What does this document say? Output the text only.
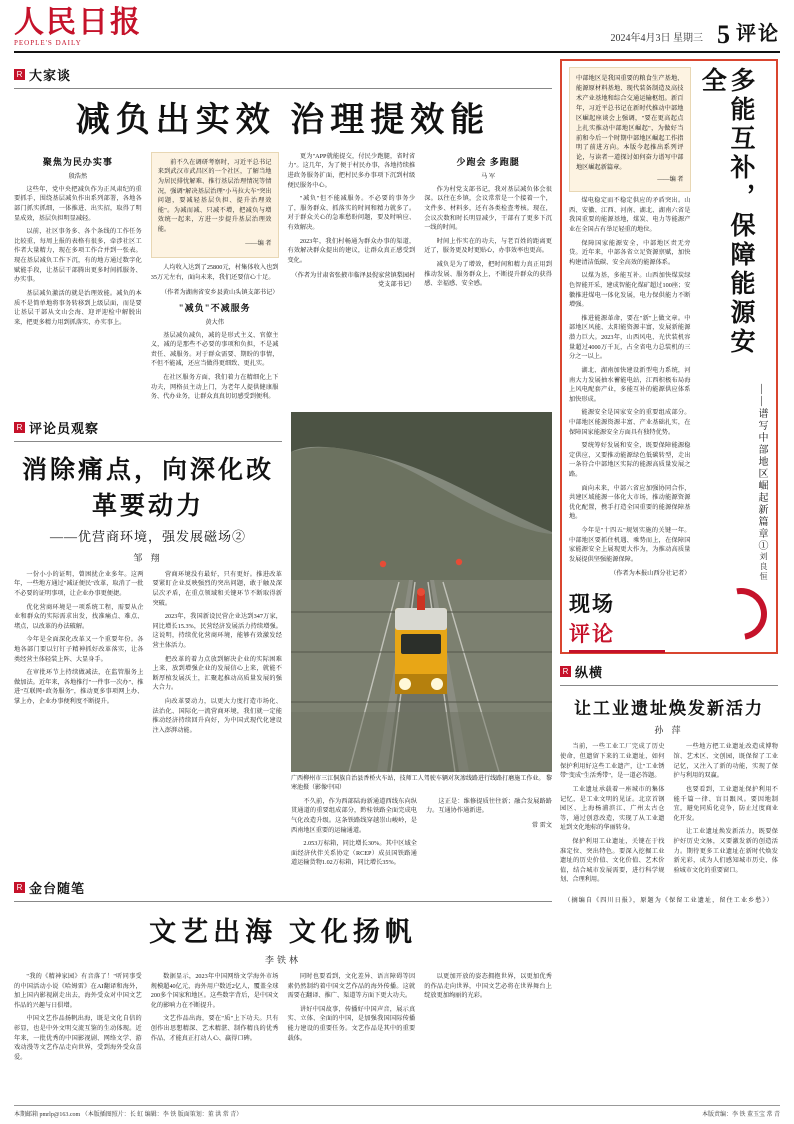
人民日报
PEOPLE'S DAILY	2024年4月3日 星期三 5 评论
R 大家谈
减负出实效 治理提效能
聚焦为民办实事
殷浩然

这些年，党中央把减负作为正风肃纪的重要抓手，围绕基层减负作出系列部署，各地各部门抓实抓细，一体推进、出实招，取得了明显成效，基层负担明显减轻。

以前，社区事务多、各个条线的工作任务比较重，每周上报的表格有很多，牵涉社区工作者大量精力，现在多项工作合并到一张表。现在基层减负工作下沉，有的地方通过数字化赋能手段，让基层干部腾出更多时间抓服务、办实事。

基层减负激活的就是治理效能。减负的本质不是简单地将事务转移到上级层面，而是要让基层干部从文山会海、迎评迎检中解脱出来，把更多精力用到抓落实、办实事上。

前不久在调研考察时，习近平总书记来到武汉市武昌区的一个社区，了解当地为居民排忧解难、推行基层治理情况等情况，强调"解决基层治理"小马拉大车"突出问题，要减轻基层负担、提升治理效能"。为减而减、只减不增，把减负与增效统一起来，方进一步提升基层治理效能。

——编 者

人均收入达到了25800元，村集体收入也到35万元左右，面向未来，我们还要信心十足。

（作者为湖南省安乡县黄山头镇支部书记）
"减负"不减服务
黄大伟

基层减负减负，减的是形式主义、官僚主义，减的是那些不必要的事项和负担，不是减责任、减服务。对于群众需要、期盼的事情，不但不能减，还应当做得更细致、更扎实。

在社区服务方面，我们着力在精细化上下功夫，网格员主动上门，为老年人提供健康服务、代办业务，让群众真真切切感受到便利。

更为"APP就能提交，付民少跑腿，省时省力"。这几年，为了便于村民办事，各地持续推进政务服务扩面，把村民多办事项下沉到村级便民服务中心。

"减负"但不能减服务。不必要的事务少了，服务群众、抓落实的时间和精力就多了。对于群众关心的急难愁盼问题，要及时响应、有效解决。

2023年，我们村畅通为群众办事的渠道，有效解决群众提出的建议，让群众真正感受到变化。

（作者为甘肃省张掖市临泽县倪家营镇梨园村党支部书记）
少跑会 多跑腿
马 军

作为村党支部书记，我对基层减负体会很深。以往在乡镇，会议常常是一个接着一个，文件多、材料多，还有各类检查考核。现在，会议次数和时长明显减少，干部有了更多下沉一线的时间。

时间上作实在的功夫，与老百姓的距离更近了，服务更及时更贴心，办事效率也更高。

减负是为了增效，把时间和精力真正用到推动发展、服务群众上，不断提升群众的获得感、幸福感、安全感。

R 评论员观察
消除痛点，向深化改革要动力
——优营商环境，强发展磁场②
邹 翔

一份小小的证明，曾困扰企业多年。这两年，一些地方通过"减证便民"改革，取消了一批不必要的证明事项，让企业办事更便捷。

优化营商环境是一项系统工程，需要从企业和群众的实际需求出发，找准痛点、难点、堵点，以改革的办法破解。

今年是全面深化改革又一个重要年份。各地各部门要以钉钉子精神抓好改革落实，让各类经营主体轻装上阵、大显身手。

在审批环节上持续做减法，在监管服务上做加法。近年来，各地推行"一件事一次办"、推进"互联网+政务服务"，推动更多事项网上办、掌上办，企业办事便利度不断提升。

营商环境没有最好，只有更好。推进改革要紧盯企业反映强烈的突出问题，敢于触及深层次矛盾，在重点领域和关键环节不断取得新突破。

2023年，我国新设民营企业达到347万家，同比增长15.3%，民营经济发展活力持续增强。这说明，持续优化营商环境，能够有效激发经营主体活力。

把改革的着力点放到解决企业的实际困难上来，放到增强企业的发展信心上来，就能不断厚植发展沃土，汇聚起推动高质量发展的强大合力。

向改革要动力，以更大力度打造市场化、法治化、国际化一流营商环境，我们就一定能推动经济持续回升向好，为中国式现代化建设注入澎湃动能。

广西柳州市三江侗族自治县香桥火车站，技师工人驾驶车辆对灰渗线路进行线路打磨施工作业。 黎寒池摄（影像中国）

不久前，作为西部陆海新通道西线东向纵贯通道的重要组成部分，黔桂铁路全面完成电气化改造升级。这条铁路线穿越崇山峻岭，是西南地区重要的运输通道。

2.053万标箱，同比增长30%。其中区域全面经济伙伴关系协定（RCEP）成员国铁路通道运输货物1.02万标箱，同比增长35%。

这正是：维修提质往往新；融合发展路路力。互通协作通新进。

常 雷文
R 金台随笔
文艺出海 文化扬帆
李铁林

"我的《精神家园》有音落了！"听同事受的中国活动小说《哈姆雷》在AI翻译和海外，加上国内影视剧走出去，海外受众对中国文艺作品的兴趣与日俱增。

中国文艺作品扬帆出海，既是文化自信的彰显，也是中外文明交流互鉴的生动体现。近年来，一批优秀的中国影视剧、网络文学、游戏动漫等文艺作品走向世界，受到海外受众喜爱。

数据显示，2023年中国网络文学海外市场规模超40亿元，海外用户数近2亿人，覆盖全球200多个国家和地区。这些数字背后，是中国文化的影响力在不断提升。

文艺作品出海，要在"质"上下功夫。只有创作出思想精深、艺术精湛、制作精良的优秀作品，才能真正打动人心、赢得口碑。

同时也要看到，文化差异、语言障碍等因素仍然制约着中国文艺作品的海外传播。这就需要在翻译、推广、渠道等方面下更大功夫。

讲好中国故事，传播好中国声音，展示真实、立体、全面的中国，是加强我国国际传播能力建设的重要任务。文艺作品是其中的重要载体。

以更加开放的姿态拥抱世界，以更加优秀的作品走向世界，中国文艺必将在世界舞台上绽放更加绚丽的光彩。

多能互补，保障能源安全
——谱写中部地区崛起新篇章①
刘良恒
中部地区是我国重要的粮食生产基地、能源原材料基地、现代装备制造及高技术产业基地和综合交通运输枢纽。新百年，习近平总书记在新时代推动中部地区崛起座谈会上强调，"要在更高起点上扎实推动中部地区崛起"，为做好当前和今后一个时期中部地区崛起工作指明了前进方向。本版今起推出系列评论，与读者一道探讨如何奋力谱写中部地区崛起新篇章。
——编 者

煤电稳定而不稳定供应的矛盾突出。山西、安徽、江西、河南、湖北、湖南六省是我国重要的能源基地，煤炭、电力等能源产业在全国占有举足轻重的地位。

保障国家能源安全，中部地区责无旁贷。近年来，中部各省立足资源禀赋，加快构建清洁低碳、安全高效的能源体系。

以煤为基，多能互补。山西加快煤炭绿色智能开采，建成智能化煤矿超过100座；安徽推进煤电一体化发展，电力保供能力不断增强。

推进能源革命，要在"新"上做文章。中部地区风能、太阳能资源丰富，发展新能源潜力巨大。2023年，山西风电、光伏装机容量超过4000万千瓦，占全省电力总装机的三分之一以上。

湖北、湖南加快建设新型电力系统，河南大力发展抽水蓄能电站，江西积极布局海上风电配套产业，多能互补的能源供应体系加快形成。

能源安全是国家安全的重要组成部分。中部地区能源资源丰富、产业基础扎实，在保障国家能源安全方面具有独特优势。

要统筹好发展和安全，既要保障能源稳定供应，又要推动能源绿色低碳转型，走出一条符合中部地区实际的能源高质量发展之路。

面向未来，中部六省应加强协同合作，共建区域能源一体化大市场，推动能源资源优化配置，携手打造全国重要的能源保障基地。

今年是"十四五"规划实施的关键一年。中部地区要抓住机遇、乘势而上，在保障国家能源安全上展现更大作为，为推动高质量发展提供坚强能源保障。

（作者为本报山西分社记者）
现场
评论
R 纵横
让工业遗址焕发新活力
孙 萍

当前，一些工业工厂完成了历史使命，但遗留下来的工业遗址，如何保护利用好这些工业遗产，让"工业锈带"变成"生活秀带"，是一道必答题。

工业遗址承载着一座城市的集体记忆，是工业文明的见证。北京首钢园区、上海杨浦滨江、广州太古仓等，通过创意改造，实现了从工业遗址到文化地标的华丽转身。

保护利用工业遗址，关键在于找准定位、突出特色。要深入挖掘工业遗址的历史价值、文化价值、艺术价值，结合城市发展需要，进行科学规划、合理利用。

一些地方把工业遗址改造成博物馆、艺术区、文创园，既保留了工业记忆，又注入了新的功能，实现了保护与利用的双赢。

也要看到，工业遗址保护利用不能千篇一律、盲目跟风。要因地制宜，避免同质化竞争，防止过度商业化开发。

让工业遗址焕发新活力，既要保护好历史文脉，又要激发新的创造活力。期待更多工业遗址在新时代焕发新光彩，成为人们感知城市历史、体验城市文化的重要窗口。

（摘编自《四川日报》，原题为《保留工业遗址，留住工业乡愁》）
本期邮箱 pmrlp@163.com （本版插图照片：长 虹 编辑：李 铁 版面策划：董 洪 常 青）	本版责编：李 铁 董玉宝 常 青
